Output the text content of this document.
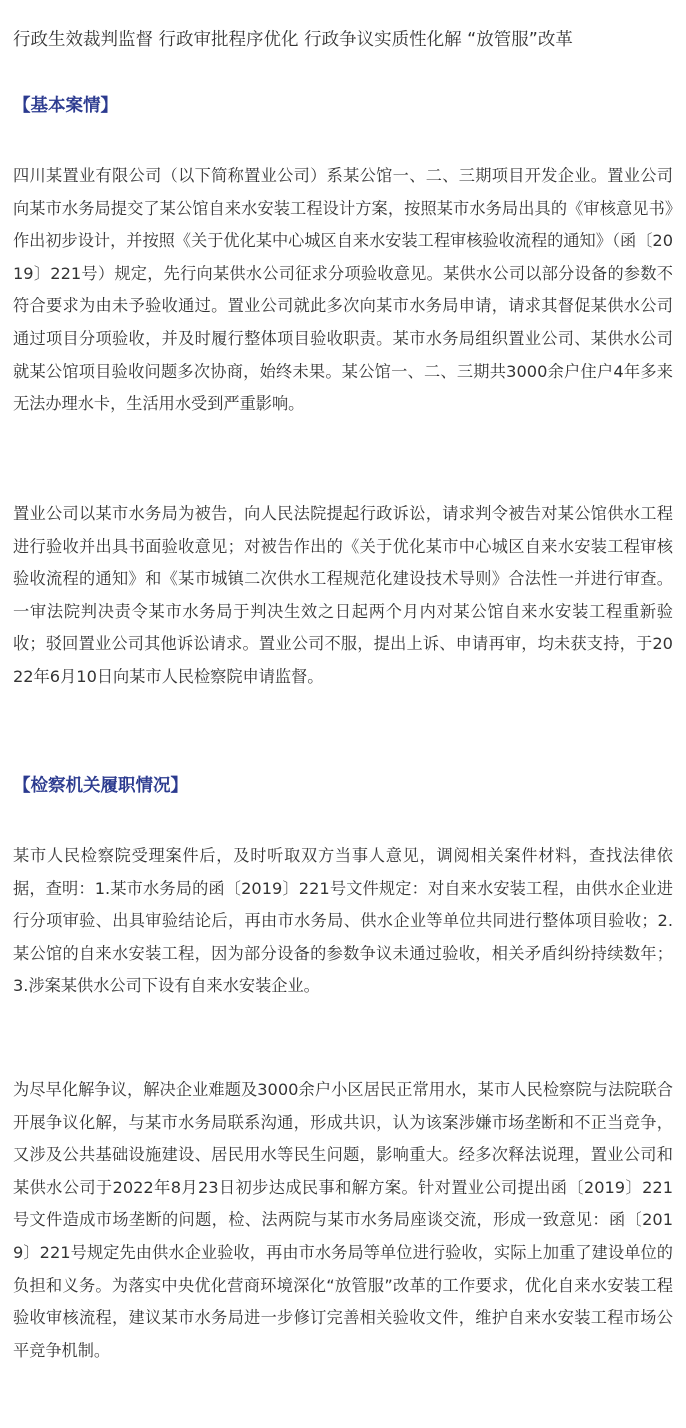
行政生效裁判监督 行政审批程序优化 行政争议实质性化解 “放管服”改革
【基本案情】

四川某置业有限公司（以下简称置业公司）系某公馆一、二、三期项目开发企业。置业公司向某市水务局提交了某公馆自来水安装工程设计方案，按照某市水务局出具的《审核意见书》作出初步设计，并按照《关于优化某中心城区自来水安装工程审核验收流程的通知》（函〔2019〕221号）规定，先行向某供水公司征求分项验收意见。某供水公司以部分设备的参数不符合要求为由未予验收通过。置业公司就此多次向某市水务局申请，请求其督促某供水公司通过项目分项验收，并及时履行整体项目验收职责。某市水务局组织置业公司、某供水公司就某公馆项目验收问题多次协商，始终未果。某公馆一、二、三期共3000余户住户4年多来无法办理水卡，生活用水受到严重影响。

置业公司以某市水务局为被告，向人民法院提起行政诉讼，请求判令被告对某公馆供水工程进行验收并出具书面验收意见；对被告作出的《关于优化某市中心城区自来水安装工程审核验收流程的通知》和《某市城镇二次供水工程规范化建设技术导则》合法性一并进行审查。一审法院判决责令某市水务局于判决生效之日起两个月内对某公馆自来水安装工程重新验收；驳回置业公司其他诉讼请求。置业公司不服，提出上诉、申请再审，均未获支持，于2022年6月10日向某市人民检察院申请监督。

【检察机关履职情况】

某市人民检察院受理案件后，及时听取双方当事人意见，调阅相关案件材料，查找法律依据，查明：1.某市水务局的函〔2019〕221号文件规定：对自来水安装工程，由供水企业进行分项审验、出具审验结论后，再由市水务局、供水企业等单位共同进行整体项目验收；2.某公馆的自来水安装工程，因为部分设备的参数争议未通过验收，相关矛盾纠纷持续数年；3.涉案某供水公司下设有自来水安装企业。

为尽早化解争议，解决企业难题及3000余户小区居民正常用水，某市人民检察院与法院联合开展争议化解，与某市水务局联系沟通，形成共识，认为该案涉嫌市场垄断和不正当竞争，又涉及公共基础设施建设、居民用水等民生问题，影响重大。经多次释法说理，置业公司和某供水公司于2022年8月23日初步达成民事和解方案。针对置业公司提出函〔2019〕221号文件造成市场垄断的问题，检、法两院与某市水务局座谈交流，形成一致意见：函〔2019〕221号规定先由供水企业验收，再由市水务局等单位进行验收，实际上加重了建设单位的负担和义务。为落实中央优化营商环境深化“放管服”改革的工作要求，优化自来水安装工程验收审核流程，建议某市水务局进一步修订完善相关验收文件，维护自来水安装工程市场公平竞争机制。
